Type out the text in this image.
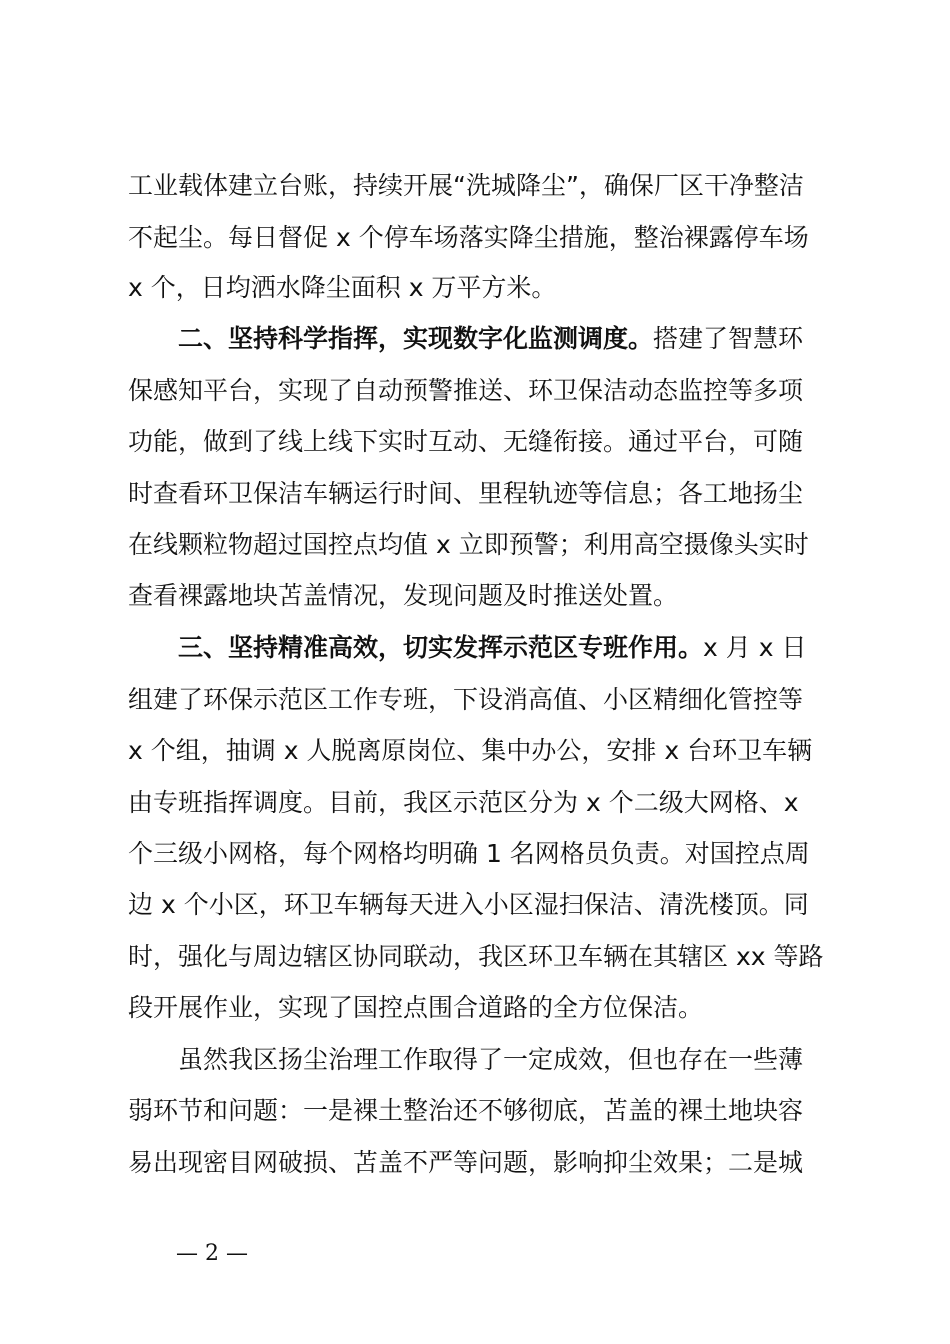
工业载体建立台账，持续开展“洗城降尘”，确保厂区干净整洁
不起尘。每日督促 x 个停车场落实降尘措施，整治裸露停车场
x 个，日均洒水降尘面积 x 万平方米。
　　二、坚持科学指挥，实现数字化监测调度。搭建了智慧环
保感知平台，实现了自动预警推送、环卫保洁动态监控等多项
功能，做到了线上线下实时互动、无缝衔接。通过平台，可随
时查看环卫保洁车辆运行时间、里程轨迹等信息；各工地扬尘
在线颗粒物超过国控点均值 x 立即预警；利用高空摄像头实时
查看裸露地块苫盖情况，发现问题及时推送处置。
　　三、坚持精准高效，切实发挥示范区专班作用。x 月 x 日
组建了环保示范区工作专班，下设消高值、小区精细化管控等
x 个组，抽调 x 人脱离原岗位、集中办公，安排 x 台环卫车辆
由专班指挥调度。目前，我区示范区分为 x 个二级大网格、x
个三级小网格，每个网格均明确 1 名网格员负责。对国控点周
边 x 个小区，环卫车辆每天进入小区湿扫保洁、清洗楼顶。同
时，强化与周边辖区协同联动，我区环卫车辆在其辖区 xx 等路
段开展作业，实现了国控点围合道路的全方位保洁。
　　虽然我区扬尘治理工作取得了一定成效，但也存在一些薄
弱环节和问题：一是裸土整治还不够彻底，苫盖的裸土地块容
易出现密目网破损、苫盖不严等问题，影响抑尘效果；二是城
— 2 —
